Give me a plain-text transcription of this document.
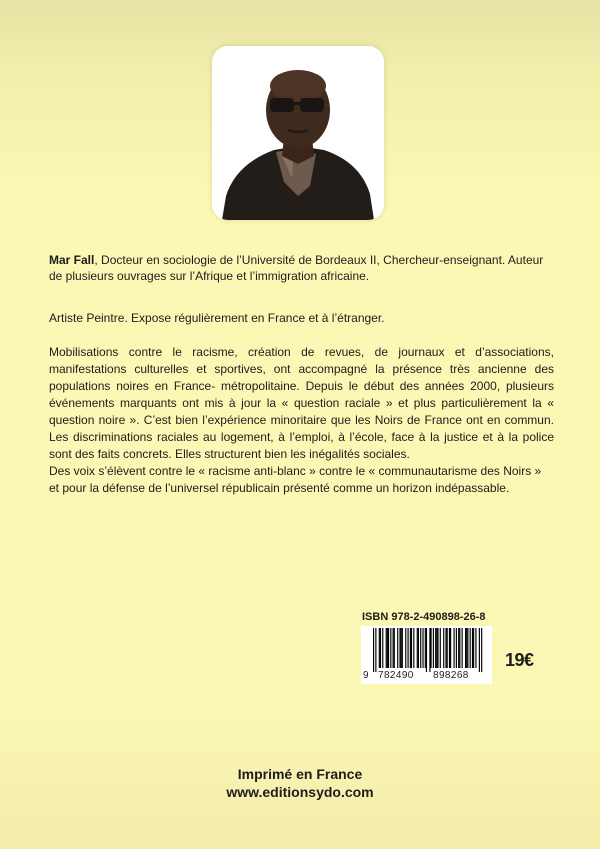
Mar Fall, Docteur en sociologie de l’Université de Bordeaux II, Chercheur-enseignant. Auteur de plusieurs ouvrages sur l’Afrique et l’immigration africaine.
Artiste Peintre. Expose régulièrement en France et à l’étranger.

Mobilisations contre le racisme, création de revues, de journaux et d’associations, manifestations culturelles et sportives, ont accompagné la présence très ancienne des populations noires en France- métropolitaine. Depuis le début des années 2000, plusieurs événements marquants ont mis à jour la « question raciale » et plus particulièrement la « question noire ». C’est bien l’expérience minoritaire que les Noirs de France ont en commun. Les discriminations raciales au logement, à l’emploi, à l’école, face à la justice et à la police sont des faits concrets. Elles structurent bien les inégalités sociales.

Des voix s’élèvent contre le « racisme anti-blanc » contre le « communautarisme des Noirs » et pour la défense de l’universel républicain présenté comme un horizon indépassable.

ISBN 978-2-490898-26-8
9 782490 898268
19€
Imprimé en France
www.editionsydo.com
